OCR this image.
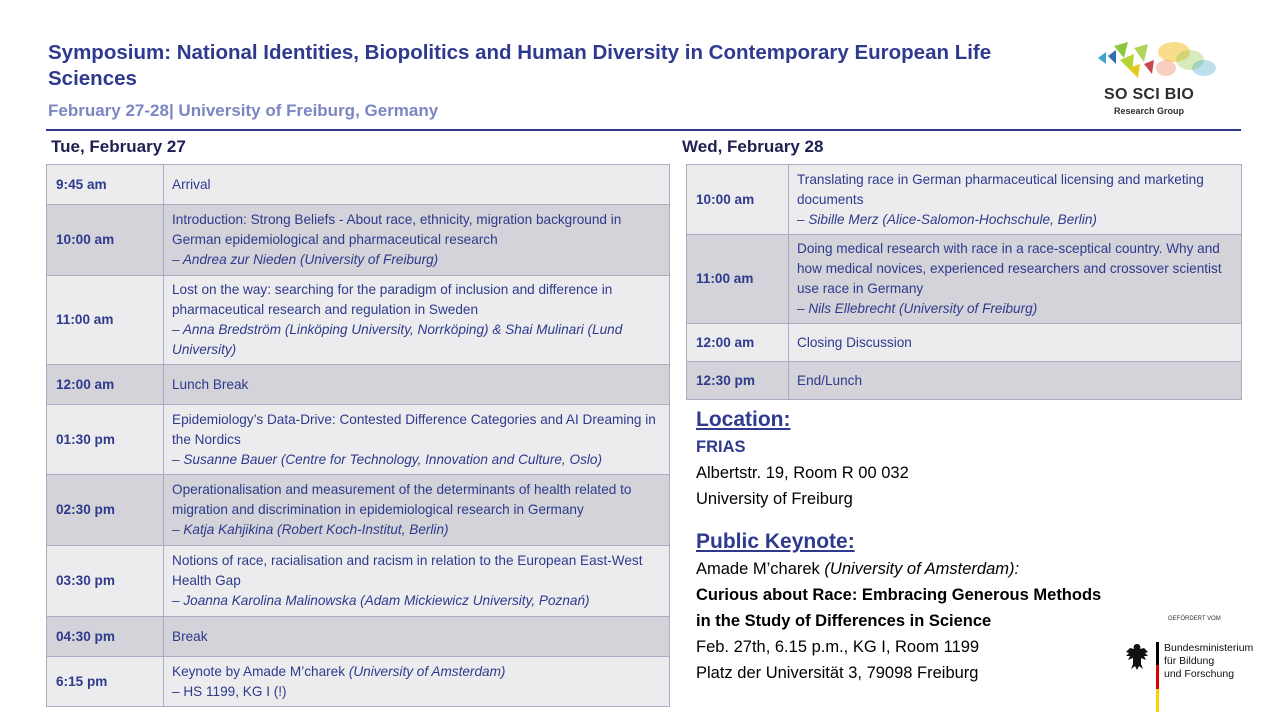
Symposium: National Identities, Biopolitics and Human Diversity in Contemporary European Life Sciences
February 27-28| University of Freiburg, Germany
SO SCI BIO
Research Group
Tue, February 27	Wed, February 28
9:45 am	Arrival
10:00 am	Introduction: Strong Beliefs - About race, ethnicity, migration background in German epidemiological and pharmaceutical research
– Andrea zur Nieden (University of Freiburg)

11:00 am	Lost on the way: searching for the paradigm of inclusion and difference in pharmaceutical research and regulation in Sweden
– Anna Bredström (Linköping University, Norrköping) & Shai Mulinari (Lund University)

12:00 am	Lunch Break
01:30 pm	Epidemiology’s Data-Drive: Contested Difference Categories and AI Dreaming in the Nordics
– Susanne Bauer (Centre for Technology, Innovation and Culture, Oslo)

02:30 pm	Operationalisation and measurement of the determinants of health related to migration and discrimination in epidemiological research in Germany
– Katja Kahjikina (Robert Koch-Institut, Berlin)

03:30 pm	Notions of race, racialisation and racism in relation to the European East-West Health Gap
– Joanna Karolina Malinowska (Adam Mickiewicz University, Poznań)

04:30 pm	Break
6:15 pm	Keynote by Amade M’charek (University of Amsterdam)
– HS 1199, KG I (!)
10:00 am	Translating race in German pharmaceutical licensing and marketing documents
– Sibille Merz (Alice-Salomon-Hochschule, Berlin)

11:00 am	Doing medical research with race in a race-sceptical country. Why and how medical novices, experienced researchers and crossover scientist use race in Germany
– Nils Ellebrecht (University of Freiburg)

12:00 am	Closing Discussion
12:30 pm	End/Lunch
Location:
FRIAS
Albertstr. 19, Room R 00 032
University of Freiburg
Public Keynote:
Amade M’charek (University of Amsterdam):
Curious about Race: Embracing Generous Methods
in the Study of Differences in Science
Feb. 27th, 6.15 p.m., KG I, Room 1199
Platz der Universität 3, 79098 Freiburg
GEFÖRDERT VOM
Bundesministerium
für Bildung
und Forschung
